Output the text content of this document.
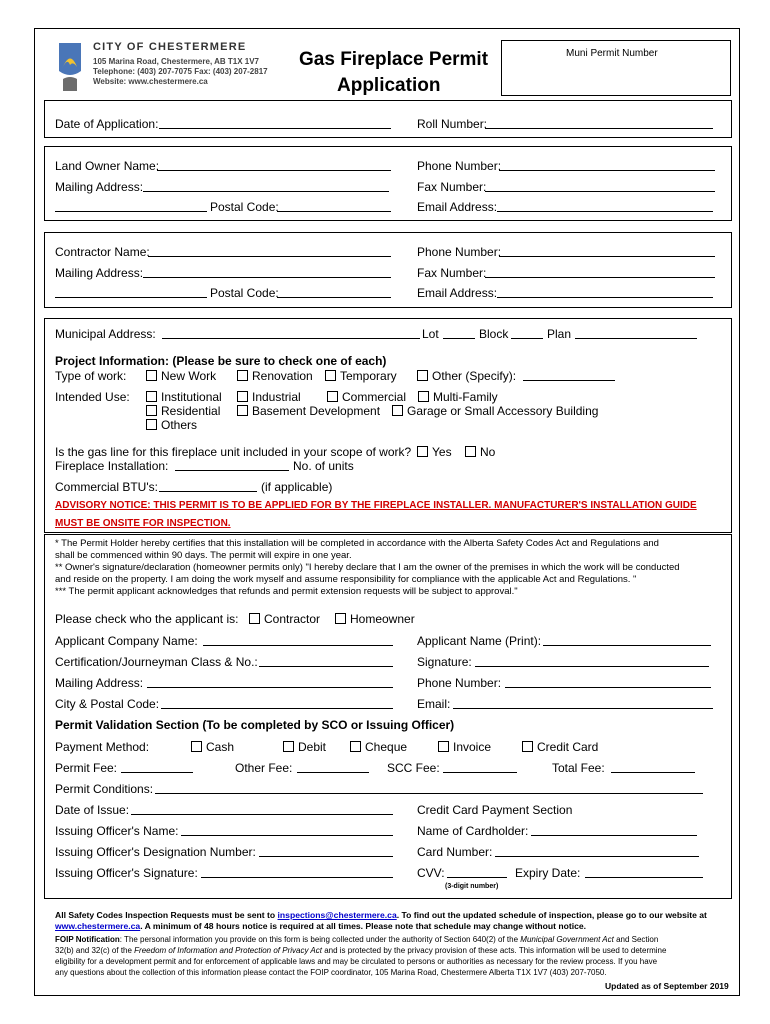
CITY OF CHESTERMERE
105 Marina Road, Chestermere, AB T1X 1V7
Telephone: (403) 207-7075 Fax: (403) 207-2817
Website: www.chestermere.ca
Gas Fireplace Permit
Application
Muni Permit Number
Date of Application:	Roll Number:
Land Owner Name:	Phone Number:
Mailing Address:	Fax Number:
Postal Code:	Email Address:
Contractor Name:	Phone Number:
Mailing Address:	Fax Number:
Postal Code:	Email Address:
Municipal Address:	Lot	Block	Plan
Project Information: (Please be sure to check one of each)
Type of work:	New Work	Renovation	Temporary	Other (Specify):
Intended Use:	Institutional	Industrial	Commercial	Multi-Family
Residential	Basement Development	Garage or Small Accessory Building
Others
Is the gas line for this fireplace unit included in your scope of work?	Yes	No
Fireplace Installation:	No. of units
Commercial BTU's:	(if applicable)
ADVISORY NOTICE: THIS PERMIT IS TO BE APPLIED FOR BY THE FIREPLACE INSTALLER. MANUFACTURER'S INSTALLATION GUIDE
MUST BE ONSITE FOR INSPECTION.
* The Permit Holder hereby certifies that this installation will be completed in accordance with the Alberta Safety Codes Act and Regulations and
shall be commenced within 90 days. The permit will expire in one year.
** Owner's signature/declaration (homeowner permits only) "I hereby declare that I am the owner of the premises in which the work will be conducted
and reside on the property. I am doing the work myself and assume responsibility for compliance with the applicable Act and Regulations. "
*** The permit applicant acknowledges that refunds and permit extension requests will be subject to approval."
Please check who the applicant is:	Contractor	Homeowner
Applicant Company Name:	Applicant Name (Print):
Certification/Journeyman Class & No.:	Signature:
Mailing Address:	Phone Number:
City & Postal Code:	Email:
Permit Validation Section (To be completed by SCO or Issuing Officer)
Payment Method:	Cash	Debit	Cheque	Invoice	Credit Card
Permit Fee:	Other Fee:	SCC Fee:	Total Fee:
Permit Conditions:
Date of Issue:	Credit Card Payment Section
Issuing Officer's Name:	Name of Cardholder:
Issuing Officer's Designation Number:	Card Number:
Issuing Officer's Signature:	CVV:	Expiry Date:
(3-digit number)
All Safety Codes Inspection Requests must be sent to inspections@chestermere.ca. To find out the updated schedule of inspection, please go to our website at
www.chestermere.ca. A minimum of 48 hours notice is required at all times. Please note that schedule may change without notice.
FOIP Notification: The personal information you provide on this form is being collected under the authority of Section 640(2) of the Municipal Government Act and Section
32(b) and 32(c) of the Freedom of Information and Protection of Privacy Act and is protected by the privacy provision of these acts. This information will be used to determine
eligibility for a development permit and for enforcement of applicable laws and may be circulated to persons or authorities as necessary for the review process. If you have
any questions about the collection of this information please contact the FOIP coordinator, 105 Marina Road, Chestermere Alberta T1X 1V7 (403) 207-7050.
Updated as of September 2019
